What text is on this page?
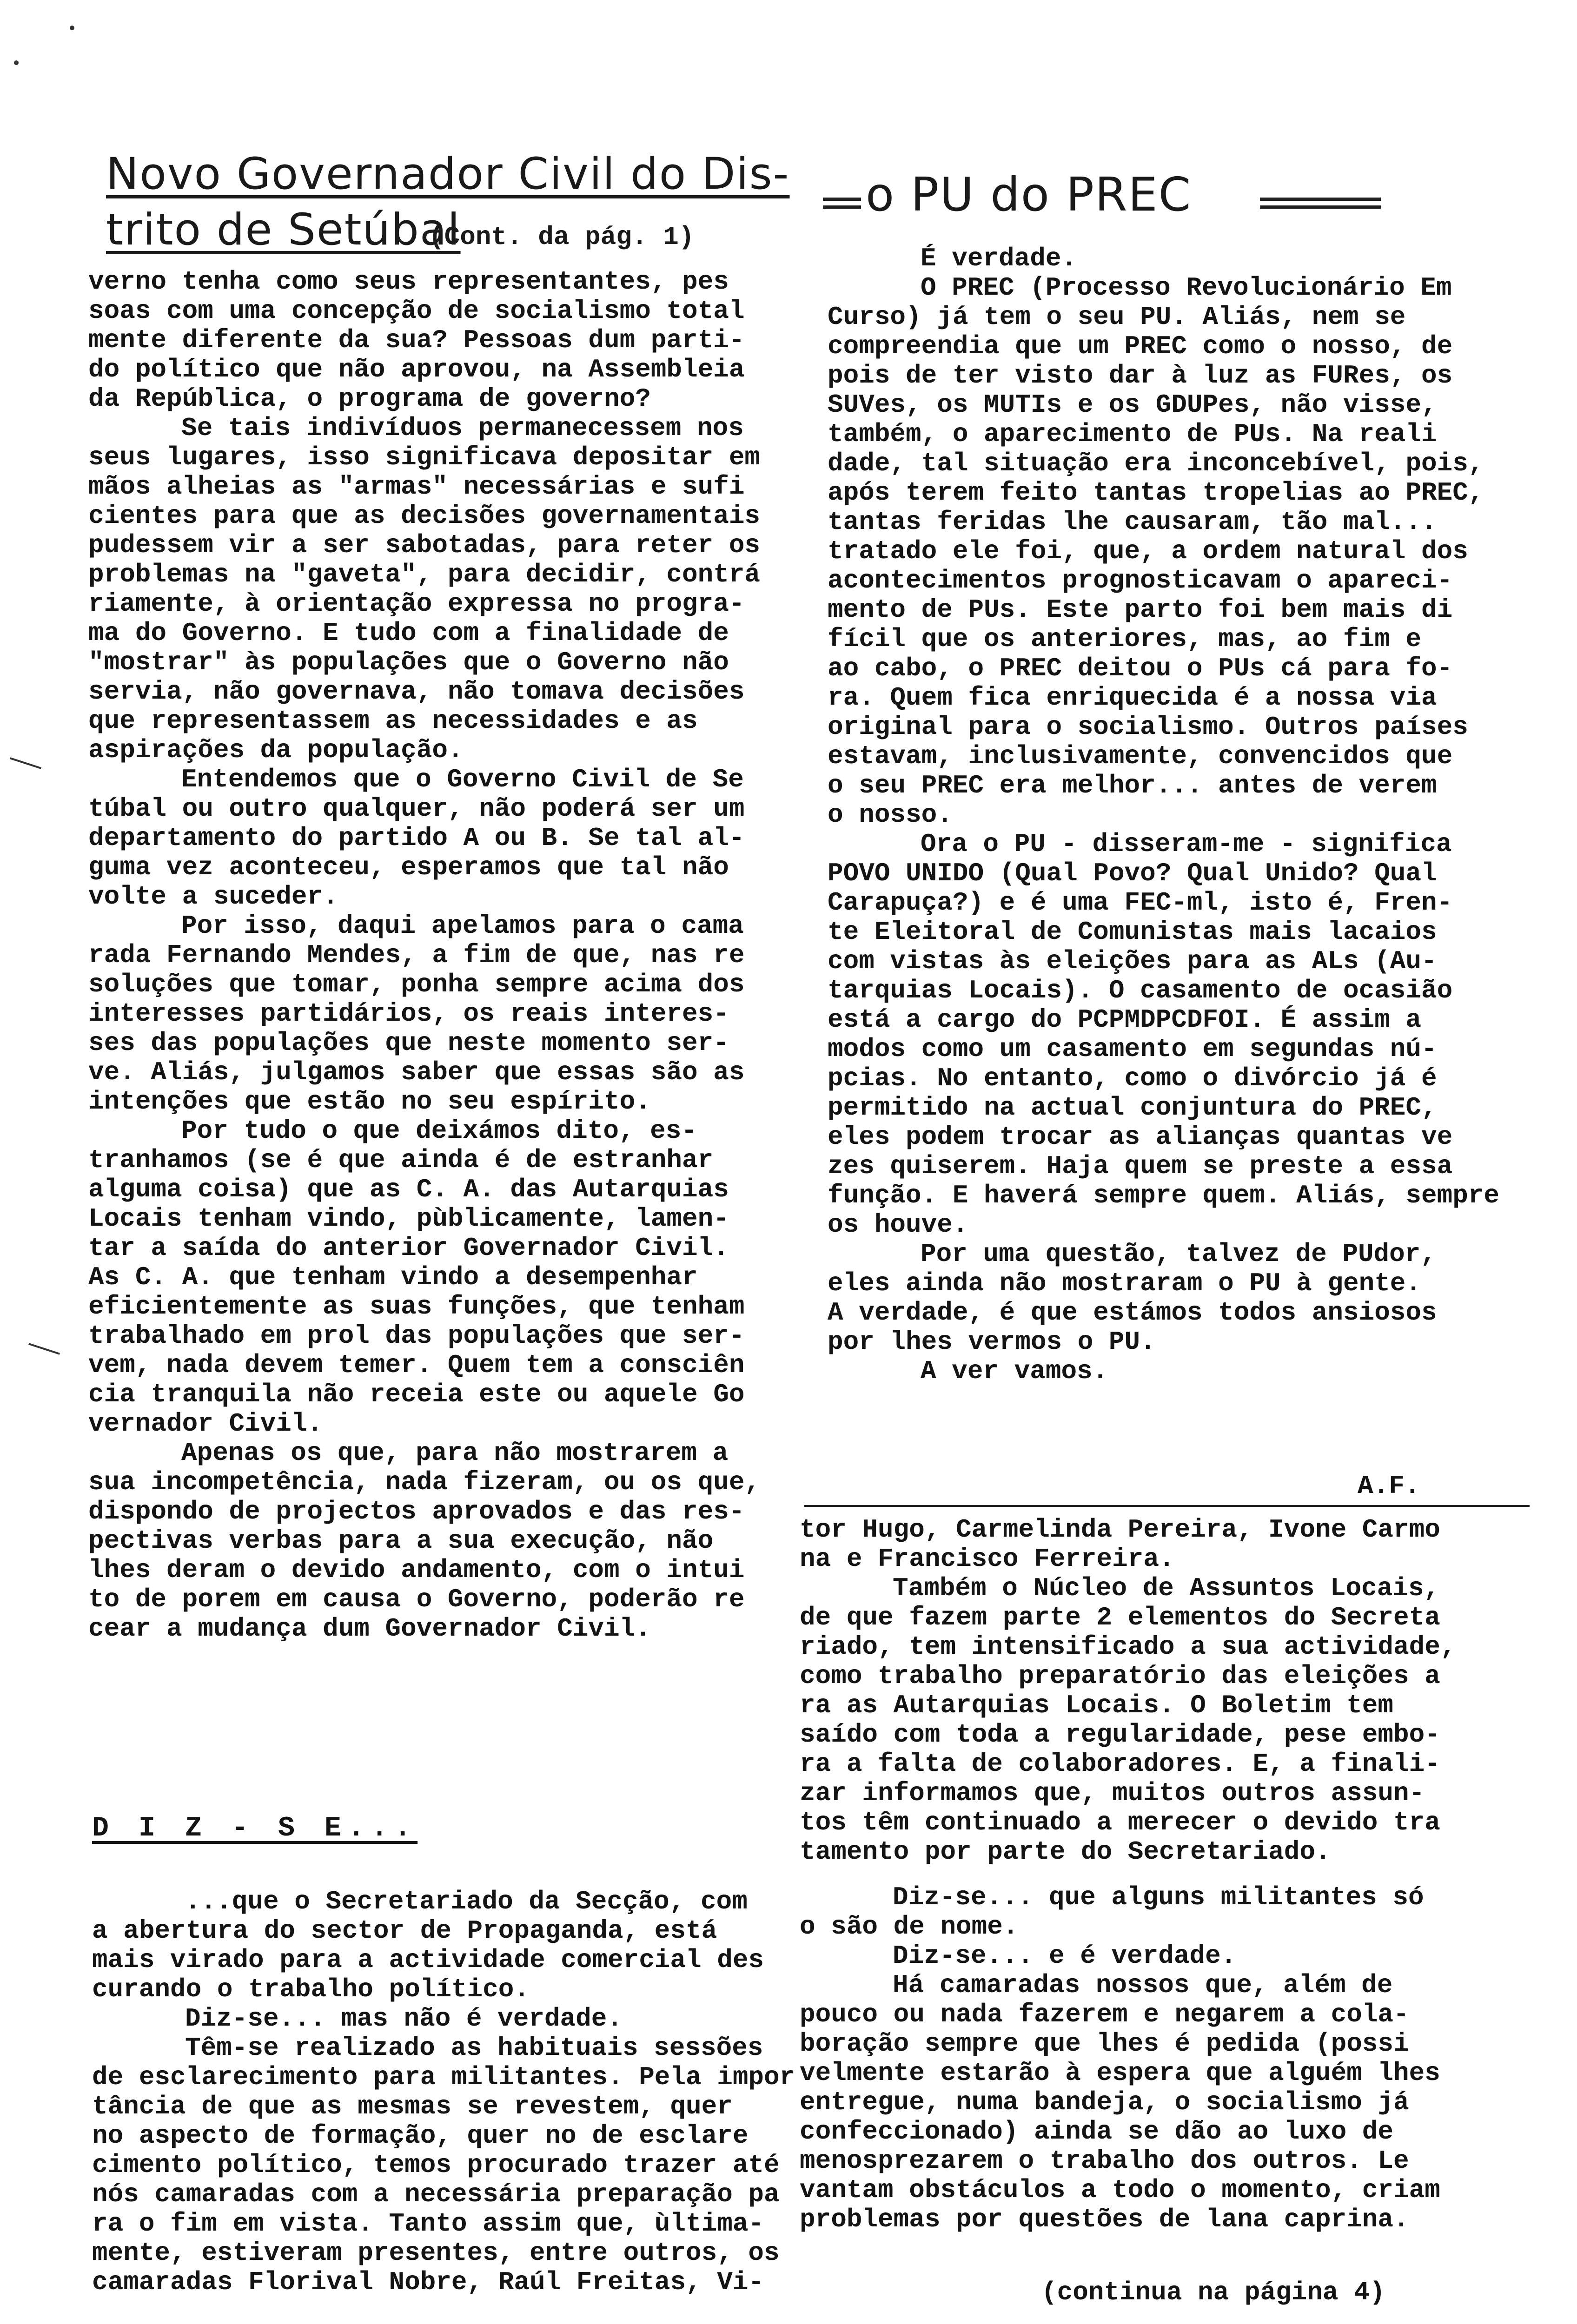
Novo Governador Civil do Dis-
trito de Setúbal
(Cont. da pág. 1)
o PU do PREC

verno tenha como seus representantes, pes
soas com uma concepção de socialismo total
mente diferente da sua? Pessoas dum parti-
do político que não aprovou, na Assembleia
da República, o programa de governo?

Se tais indivíduos permanecessem nos
seus lugares, isso significava depositar em
mãos alheias as "armas" necessárias e sufi
cientes para que as decisões governamentais
pudessem vir a ser sabotadas, para reter os
problemas na "gaveta", para decidir, contrá
riamente, à orientação expressa no progra-
ma do Governo. E tudo com a finalidade de
"mostrar" às populações que o Governo não
servia, não governava, não tomava decisões
que representassem as necessidades e as
aspirações da população.

Entendemos que o Governo Civil de Se
túbal ou outro qualquer, não poderá ser um
departamento do partido A ou B. Se tal al-
guma vez aconteceu, esperamos que tal não
volte a suceder.

Por isso, daqui apelamos para o cama
rada Fernando Mendes, a fim de que, nas re
soluções que tomar, ponha sempre acima dos
interesses partidários, os reais interes-
ses das populações que neste momento ser-
ve. Aliás, julgamos saber que essas são as
intenções que estão no seu espírito.

Por tudo o que deixámos dito, es-
tranhamos (se é que ainda é de estranhar
alguma coisa) que as C. A. das Autarquias
Locais tenham vindo, pùblicamente, lamen-
tar a saída do anterior Governador Civil.
As C. A. que tenham vindo a desempenhar
eficientemente as suas funções, que tenham
trabalhado em prol das populações que ser-
vem, nada devem temer. Quem tem a consciên
cia tranquila não receia este ou aquele Go
vernador Civil.

Apenas os que, para não mostrarem a
sua incompetência, nada fizeram, ou os que,
dispondo de projectos aprovados e das res-
pectivas verbas para a sua execução, não
lhes deram o devido andamento, com o intui
to de porem em causa o Governo, poderão re
cear a mudança dum Governador Civil.

É verdade.

O PREC (Processo Revolucionário Em
Curso) já tem o seu PU. Aliás, nem se
compreendia que um PREC como o nosso, de
pois de ter visto dar à luz as FURes, os
SUVes, os MUTIs e os GDUPes, não visse,
também, o aparecimento de PUs. Na reali
dade, tal situação era inconcebível, pois,
após terem feito tantas tropelias ao PREC,
tantas feridas lhe causaram, tão mal...
tratado ele foi, que, a ordem natural dos
acontecimentos prognosticavam o apareci-
mento de PUs. Este parto foi bem mais di
fícil que os anteriores, mas, ao fim e
ao cabo, o PREC deitou o PUs cá para fo-
ra. Quem fica enriquecida é a nossa via
original para o socialismo. Outros países
estavam, inclusivamente, convencidos que
o seu PREC era melhor... antes de verem
o nosso.

Ora o PU - disseram-me - significa
POVO UNIDO (Qual Povo? Qual Unido? Qual
Carapuça?) e é uma FEC-ml, isto é, Fren-
te Eleitoral de Comunistas mais lacaios
com vistas às eleições para as ALs (Au-
tarquias Locais). O casamento de ocasião
está a cargo do PCPMDPCDFOI. É assim a
modos como um casamento em segundas nú-
pcias. No entanto, como o divórcio já é
permitido na actual conjuntura do PREC,
eles podem trocar as alianças quantas ve
zes quiserem. Haja quem se preste a essa
função. E haverá sempre quem. Aliás, sempre
os houve.

Por uma questão, talvez de PUdor,
eles ainda não mostraram o PU à gente.
A verdade, é que estámos todos ansiosos
por lhes vermos o PU.

A ver vamos.

A.F.
D I Z - S E...

...que o Secretariado da Secção, com
a abertura do sector de Propaganda, está
mais virado para a actividade comercial des
curando o trabalho político.

Diz-se... mas não é verdade.

Têm-se realizado as habituais sessões
de esclarecimento para militantes. Pela impor
tância de que as mesmas se revestem, quer
no aspecto de formação, quer no de esclare
cimento político, temos procurado trazer até
nós camaradas com a necessária preparação pa
ra o fim em vista. Tanto assim que, ùltima-
mente, estiveram presentes, entre outros, os
camaradas Florival Nobre, Raúl Freitas, Vi-

tor Hugo, Carmelinda Pereira, Ivone Carmo
na e Francisco Ferreira.

Também o Núcleo de Assuntos Locais,
de que fazem parte 2 elementos do Secreta
riado, tem intensificado a sua actividade,
como trabalho preparatório das eleições a
ra as Autarquias Locais. O Boletim tem
saído com toda a regularidade, pese embo-
ra a falta de colaboradores. E, a finali-
zar informamos que, muitos outros assun-
tos têm continuado a merecer o devido tra
tamento por parte do Secretariado.

Diz-se... que alguns militantes só
o são de nome.

Diz-se... e é verdade.

Há camaradas nossos que, além de
pouco ou nada fazerem e negarem a cola-
boração sempre que lhes é pedida (possi
velmente estarão à espera que alguém lhes
entregue, numa bandeja, o socialismo já
confeccionado) ainda se dão ao luxo de
menosprezarem o trabalho dos outros. Le
vantam obstáculos a todo o momento, criam
problemas por questões de lana caprina.

(continua na página 4)
